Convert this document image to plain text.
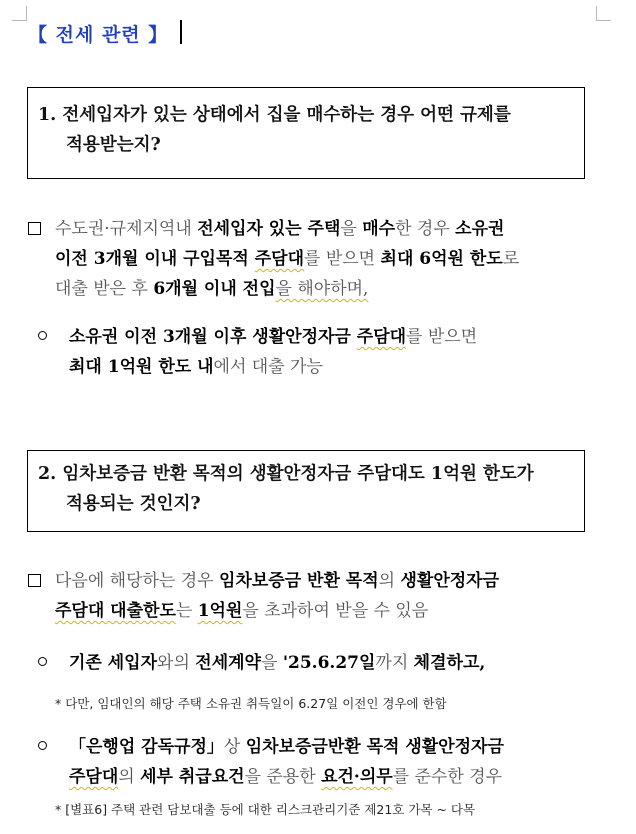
【 전세 관련 】
1. 전세입자가 있는 상태에서 집을 매수하는 경우 어떤 규제를
적용받는지?
수도권·규제지역내 전세입자 있는 주택을 매수한 경우 소유권
이전 3개월 이내 구입목적 주담대를 받으면 최대 6억원 한도로
대출 받은 후 6개월 이내 전입을 해야하며,
소유권 이전 3개월 이후 생활안정자금 주담대를 받으면
최대 1억원 한도 내에서 대출 가능
2. 임차보증금 반환 목적의 생활안정자금 주담대도 1억원 한도가
적용되는 것인지?
다음에 해당하는 경우 임차보증금 반환 목적의 생활안정자금
주담대 대출한도는 1억원을 초과하여 받을 수 있음
기존 세입자와의 전세계약을 '25.6.27일까지 체결하고,
* 다만, 임대인의 해당 주택 소유권 취득일이 6.27일 이전인 경우에 한함
「은행업 감독규정」상 임차보증금반환 목적 생활안정자금
주담대의 세부 취급요건을 준용한 요건·의무를 준수한 경우
* [별표6] 주택 관련 담보대출 등에 대한 리스크관리기준 제21호 가목 ~ 다목
